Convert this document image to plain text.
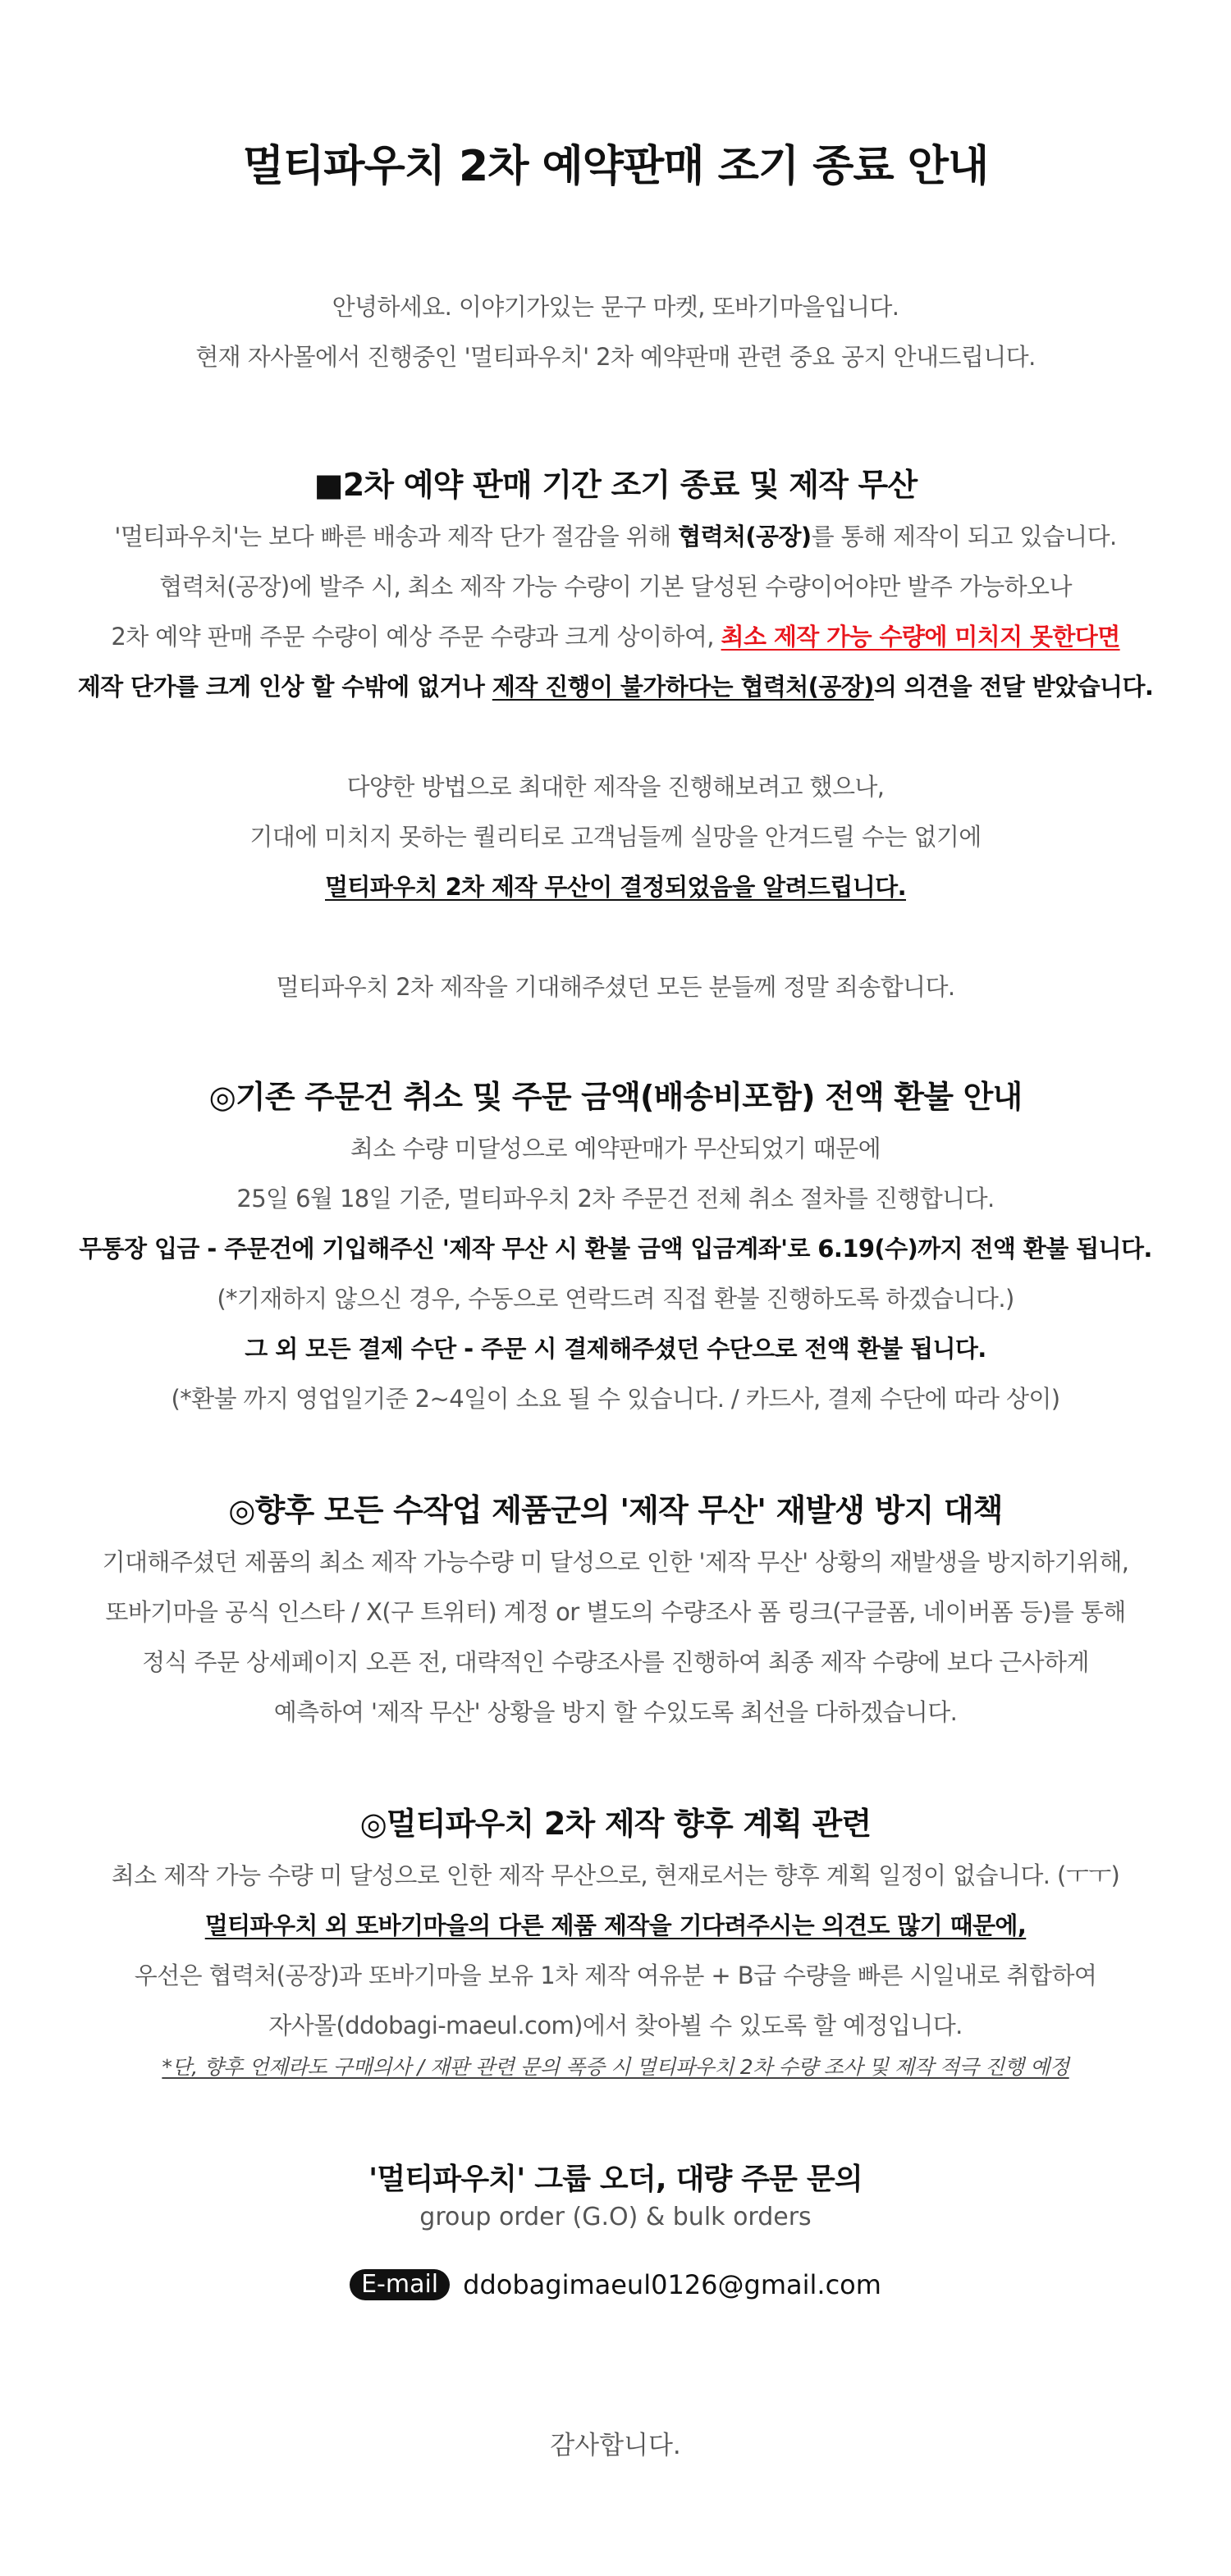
멀티파우치 2차 예약판매 조기 종료 안내
안녕하세요. 이야기가있는 문구 마켓, 또바기마을입니다.
현재 자사몰에서 진행중인 '멀티파우치' 2차 예약판매 관련 중요 공지 안내드립니다.
■2차 예약 판매 기간 조기 종료 및 제작 무산
'멀티파우치'는 보다 빠른 배송과 제작 단가 절감을 위해 협력처(공장)를 통해 제작이 되고 있습니다.
협력처(공장)에 발주 시, 최소 제작 가능 수량이 기본 달성된 수량이어야만 발주 가능하오나
2차 예약 판매 주문 수량이 예상 주문 수량과 크게 상이하여, 최소 제작 가능 수량에 미치지 못한다면
제작 단가를 크게 인상 할 수밖에 없거나 제작 진행이 불가하다는 협력처(공장)의 의견을 전달 받았습니다.
다양한 방법으로 최대한 제작을 진행해보려고 했으나,
기대에 미치지 못하는 퀄리티로 고객님들께 실망을 안겨드릴 수는 없기에
멀티파우치 2차 제작 무산이 결정되었음을 알려드립니다.
멀티파우치 2차 제작을 기대해주셨던 모든 분들께 정말 죄송합니다.
◎기존 주문건 취소 및 주문 금액(배송비포함) 전액 환불 안내
최소 수량 미달성으로 예약판매가 무산되었기 때문에
25일 6월 18일 기준, 멀티파우치 2차 주문건 전체 취소 절차를 진행합니다.
무통장 입금 - 주문건에 기입해주신 '제작 무산 시 환불 금액 입금계좌'로 6.19(수)까지 전액 환불 됩니다.
(*기재하지 않으신 경우, 수동으로 연락드려 직접 환불 진행하도록 하겠습니다.)
그 외 모든 결제 수단 - 주문 시 결제해주셨던 수단으로 전액 환불 됩니다.
(*환불 까지 영업일기준 2~4일이 소요 될 수 있습니다. / 카드사, 결제 수단에 따라 상이)
◎향후 모든 수작업 제품군의 '제작 무산' 재발생 방지 대책
기대해주셨던 제품의 최소 제작 가능수량 미 달성으로 인한 '제작 무산' 상황의 재발생을 방지하기위해,
또바기마을 공식 인스타 / X(구 트위터) 계정 or 별도의 수량조사 폼 링크(구글폼, 네이버폼 등)를 통해
정식 주문 상세페이지 오픈 전, 대략적인 수량조사를 진행하여 최종 제작 수량에 보다 근사하게
예측하여 '제작 무산' 상황을 방지 할 수있도록 최선을 다하겠습니다.
◎멀티파우치 2차 제작 향후 계획 관련
최소 제작 가능 수량 미 달성으로 인한 제작 무산으로, 현재로서는 향후 계획 일정이 없습니다. (ㅜㅜ)
멀티파우치 외 또바기마을의 다른 제품 제작을 기다려주시는 의견도 많기 때문에,
우선은 협력처(공장)과 또바기마을 보유 1차 제작 여유분 + B급 수량을 빠른 시일내로 취합하여
자사몰(ddobagi-maeul.com)에서 찾아뵐 수 있도록 할 예정입니다.
*단, 향후 언제라도 구매의사 / 재판 관련 문의 폭증 시 멀티파우치 2차 수량 조사 및 제작 적극 진행 예정
'멀티파우치' 그룹 오더, 대량 주문 문의
group order (G.O) & bulk orders
E-mail ddobagimaeul0126@gmail.com
감사합니다.
